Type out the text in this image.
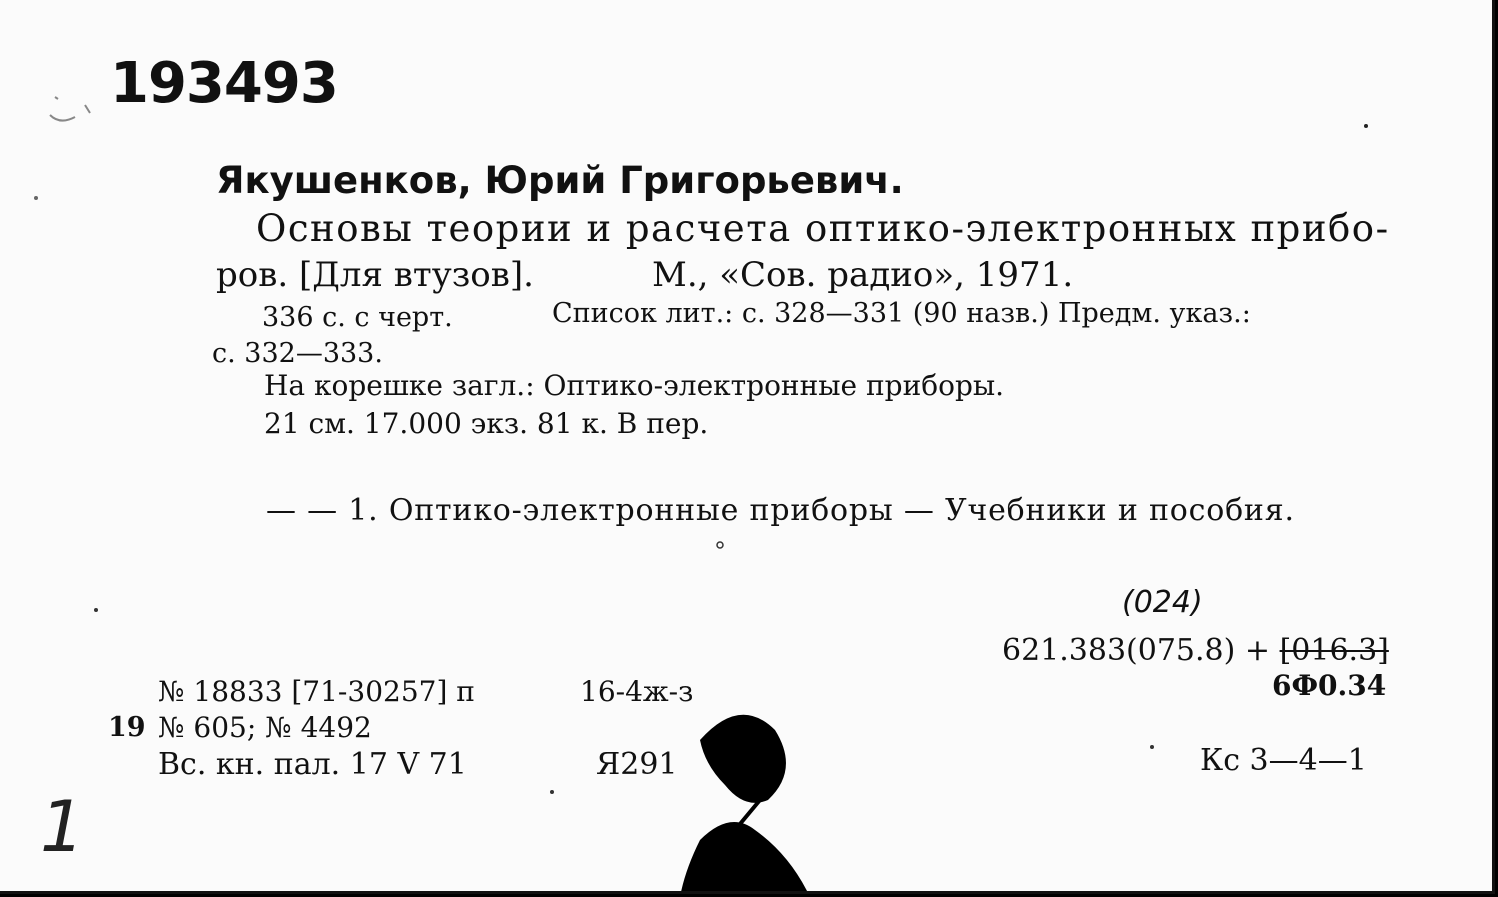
193493
Якушенков, Юрий Григорьевич.
Основы теории и расчета оптико-электронных прибо-
ров. [Для втузов].	М., «Сов. радио», 1971.
336 с. с черт.	Список лит.: с. 328—331 (90 назв.) Предм. указ.:
с. 332—333.
На корешке загл.: Оптико-электронные приборы.
21 см. 17.000 экз. 81 к. В пер.
— — 1. Оптико-электронные приборы — Учебники и пособия.
(024)
621.383(075.8) + [016.3]
6Ф0.34
№ 18833 [71-30257] п	16-4ж-з
19 № 605; № 4492
Вс. кн. пал. 17 V 71	Я291	Кс 3—4—1
1
